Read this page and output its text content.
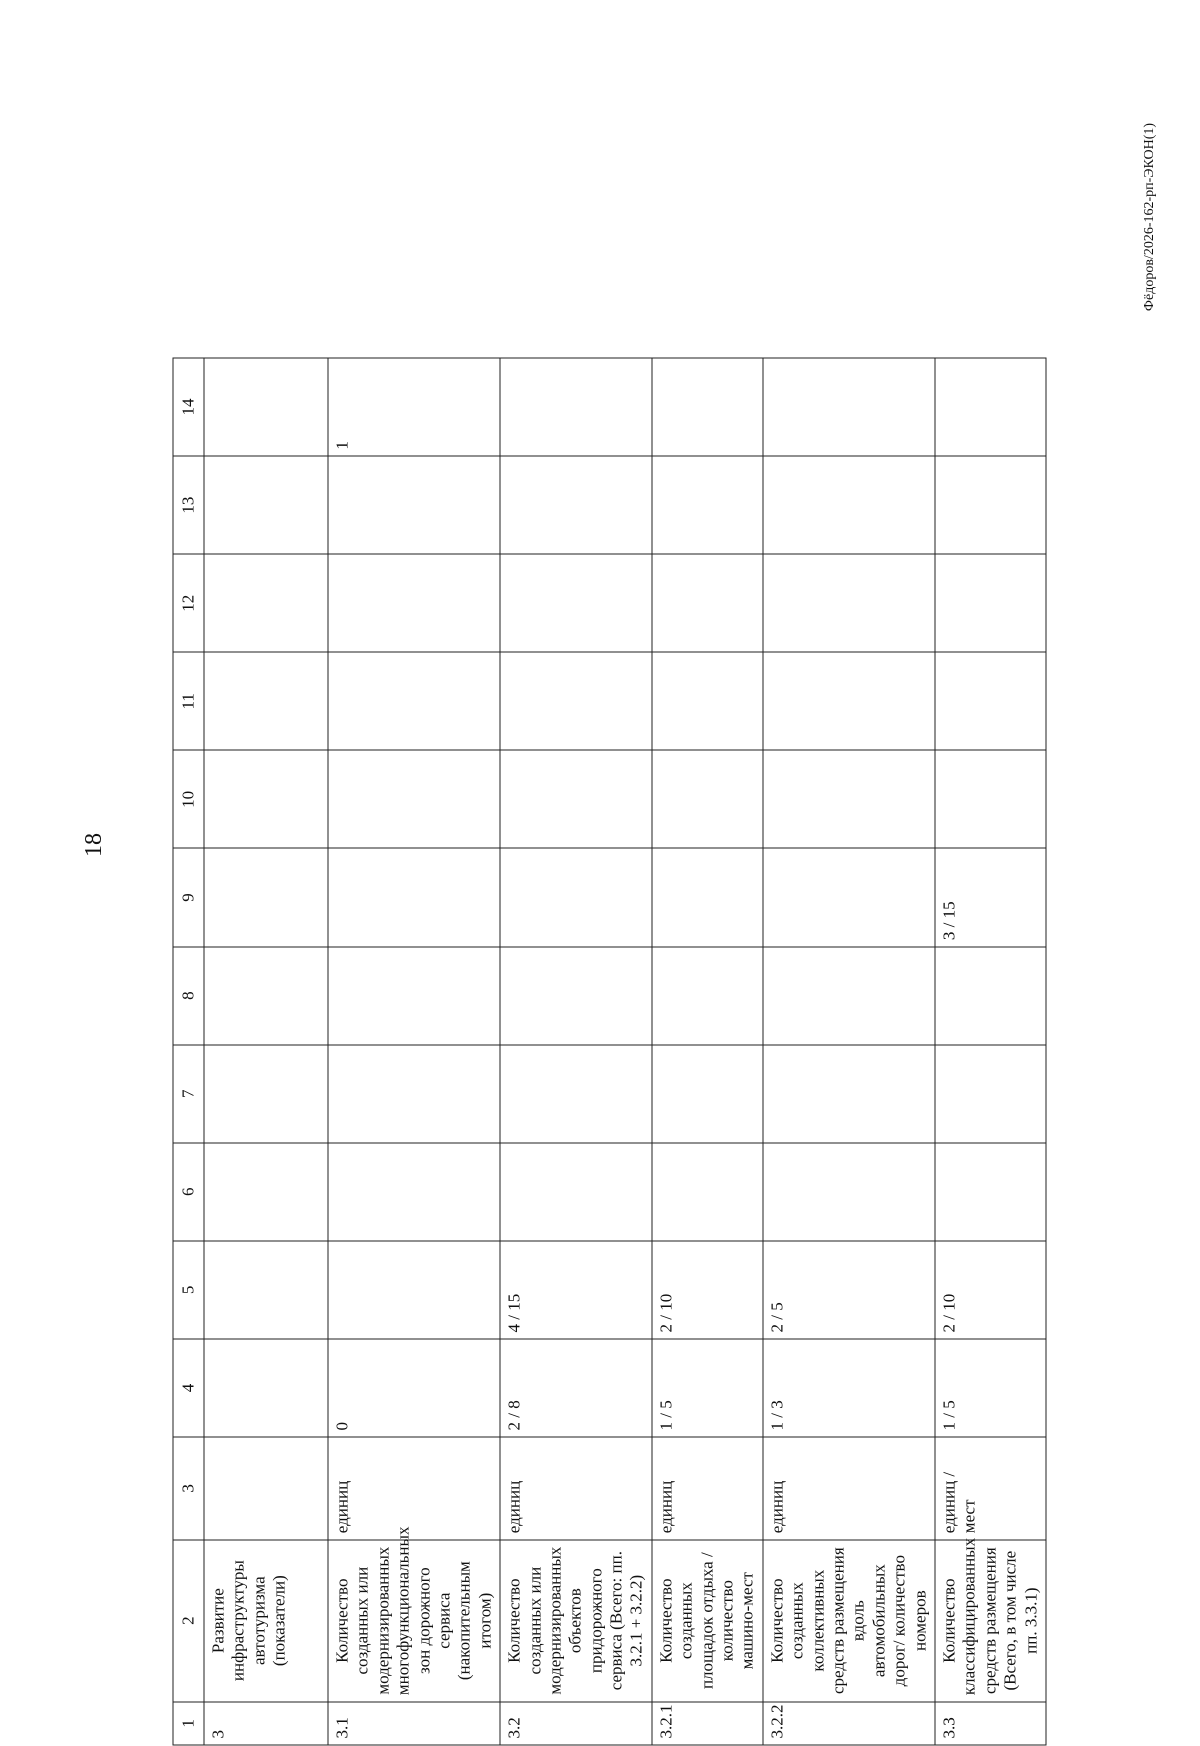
18
Фёдоров/2026-162-рп-ЭКОН(1)
1	2	3	4	5	6	7	8	9	10	11	12	13	14
3	Развитие инфраструктуры автотуризма (показатели)												
3.1	Количество созданных или модернизированных многофункциональных зон дорожного сервиса (накопительным итогом)	единиц	0										1
3.2	Количество созданных или модернизированных объектов придорожного сервиса (Всего: пп. 3.2.1 + 3.2.2)	единиц	2 / 8	4 / 15									
3.2.1	Количество созданных площадок отдыха / количество машино-мест	единиц	1 / 5	2 / 10									
3.2.2	Количество созданных коллективных средств размещения вдоль автомобильных дорог/ количество номеров	единиц	1 / 3	2 / 5									
3.3	Количество классифицированных средств размещения (Всего, в том числе пп. 3.3.1)	единиц / мест	1 / 5	2 / 10				3 / 15					
